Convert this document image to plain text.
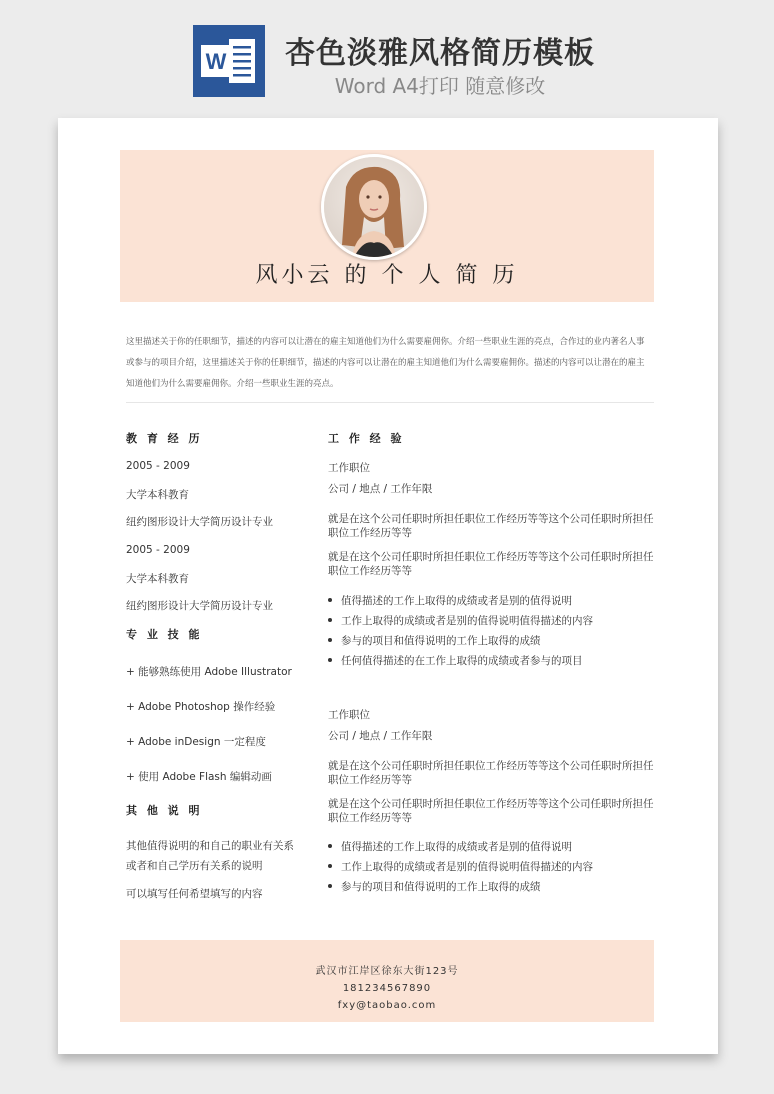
W 杏色淡雅风格简历模板
Word A4打印 随意修改
风小云 的 个 人 简 历
这里描述关于你的任职细节，描述的内容可以让潜在的雇主知道他们为什么需要雇佣你。介绍一些职业生涯的亮点，合作过的业内著名人事
或参与的项目介绍，这里描述关于你的任职细节，描述的内容可以让潜在的雇主知道他们为什么需要雇佣你。描述的内容可以让潜在的雇主
知道他们为什么需要雇佣你。介绍一些职业生涯的亮点。
教 育 经 历
2005 - 2009
大学本科教育
纽约图形设计大学简历设计专业
2005 - 2009
大学本科教育
纽约图形设计大学简历设计专业
专 业 技 能
+ 能够熟练使用 Adobe Illustrator
+ Adobe Photoshop 操作经验
+ Adobe inDesign 一定程度
+ 使用 Adobe Flash 编辑动画
其 他 说 明
其他值得说明的和自己的职业有关系
或者和自己学历有关系的说明
可以填写任何希望填写的内容
工 作 经 验
工作职位
公司 / 地点 / 工作年限
就是在这个公司任职时所担任职位工作经历等等这个公司任职时所担任职位工作经历等等
就是在这个公司任职时所担任职位工作经历等等这个公司任职时所担任职位工作经历等等
值得描述的工作上取得的成绩或者是别的值得说明
工作上取得的成绩或者是别的值得说明值得描述的内容
参与的项目和值得说明的工作上取得的成绩
任何值得描述的在工作上取得的成绩或者参与的项目
工作职位
公司 / 地点 / 工作年限
就是在这个公司任职时所担任职位工作经历等等这个公司任职时所担任职位工作经历等等
就是在这个公司任职时所担任职位工作经历等等这个公司任职时所担任职位工作经历等等
值得描述的工作上取得的成绩或者是别的值得说明
工作上取得的成绩或者是别的值得说明值得描述的内容
参与的项目和值得说明的工作上取得的成绩
武汉市江岸区徐东大街123号
181234567890
fxy@taobao.com
